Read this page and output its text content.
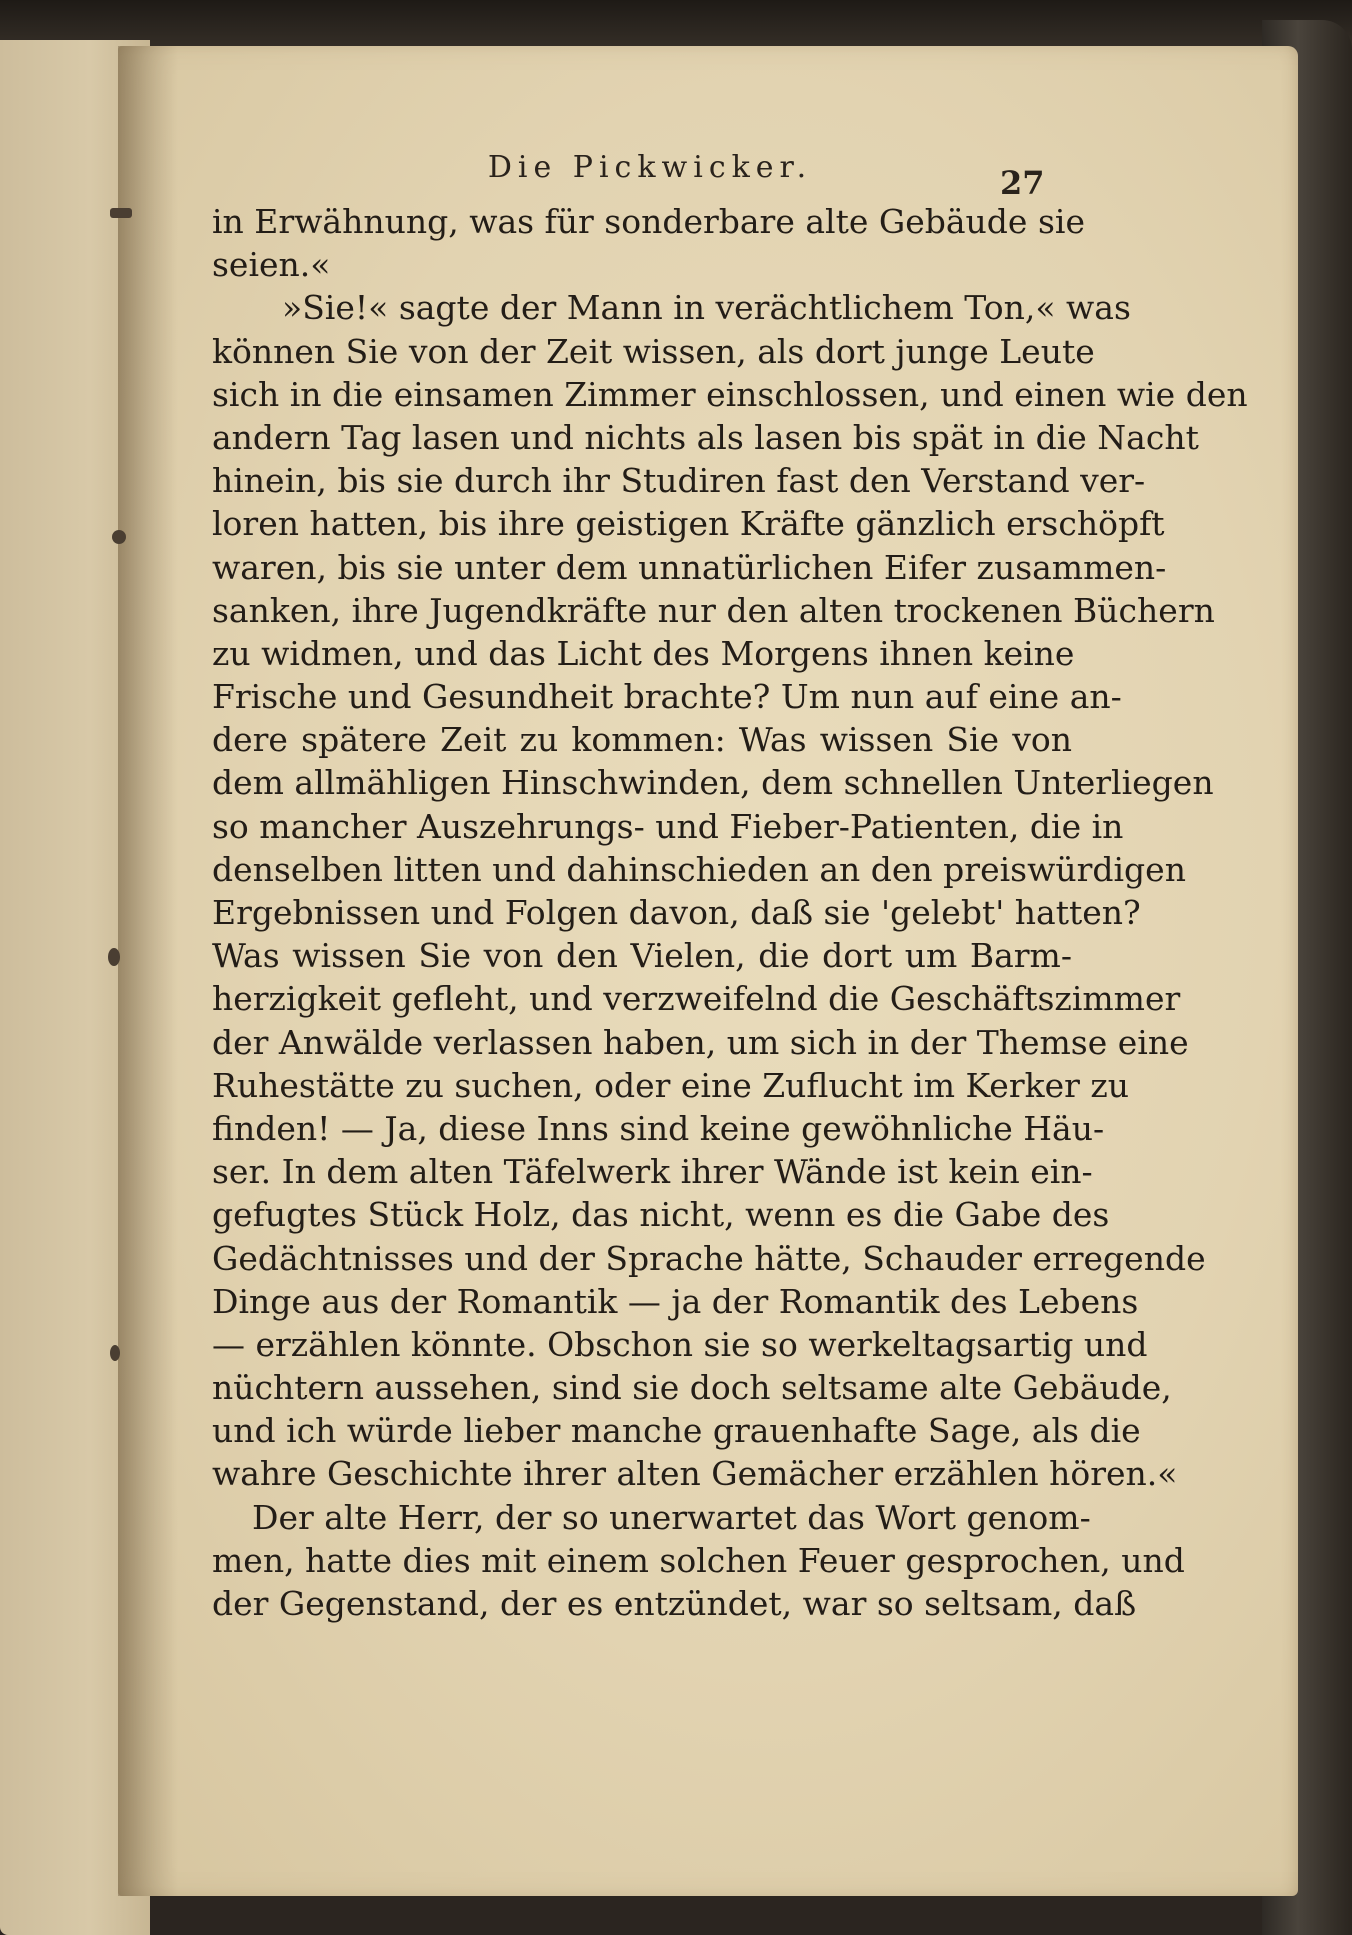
Die Pickwicker.	27
in Erwähnung, was für sonderbare alte Gebäude sie
seien.«
»Sie!« sagte der Mann in verächtlichem Ton,« was
können Sie von der Zeit wissen, als dort junge Leute
sich in die einsamen Zimmer einschlossen, und einen wie den
andern Tag lasen und nichts als lasen bis spät in die Nacht
hinein, bis sie durch ihr Studiren fast den Verstand ver-
loren hatten, bis ihre geistigen Kräfte gänzlich erschöpft
waren, bis sie unter dem unnatürlichen Eifer zusammen-
sanken, ihre Jugendkräfte nur den alten trockenen Büchern
zu widmen, und das Licht des Morgens ihnen keine
Frische und Gesundheit brachte? Um nun auf eine an-
dere spätere Zeit zu kommen: Was wissen Sie von
dem allmähligen Hinschwinden, dem schnellen Unterliegen
so mancher Auszehrungs- und Fieber-Patienten, die in
denselben litten und dahinschieden an den preiswürdigen
Ergebnissen und Folgen davon, daß sie 'gelebt' hatten?
Was wissen Sie von den Vielen, die dort um Barm-
herzigkeit gefleht, und verzweifelnd die Geschäftszimmer
der Anwälde verlassen haben, um sich in der Themse eine
Ruhestätte zu suchen, oder eine Zuflucht im Kerker zu
finden! — Ja, diese Inns sind keine gewöhnliche Häu-
ser. In dem alten Täfelwerk ihrer Wände ist kein ein-
gefugtes Stück Holz, das nicht, wenn es die Gabe des
Gedächtnisses und der Sprache hätte, Schauder erregende
Dinge aus der Romantik — ja der Romantik des Lebens
— erzählen könnte. Obschon sie so werkeltagsartig und
nüchtern aussehen, sind sie doch seltsame alte Gebäude,
und ich würde lieber manche grauenhafte Sage, als die
wahre Geschichte ihrer alten Gemächer erzählen hören.«
Der alte Herr, der so unerwartet das Wort genom-
men, hatte dies mit einem solchen Feuer gesprochen, und
der Gegenstand, der es entzündet, war so seltsam, daß
